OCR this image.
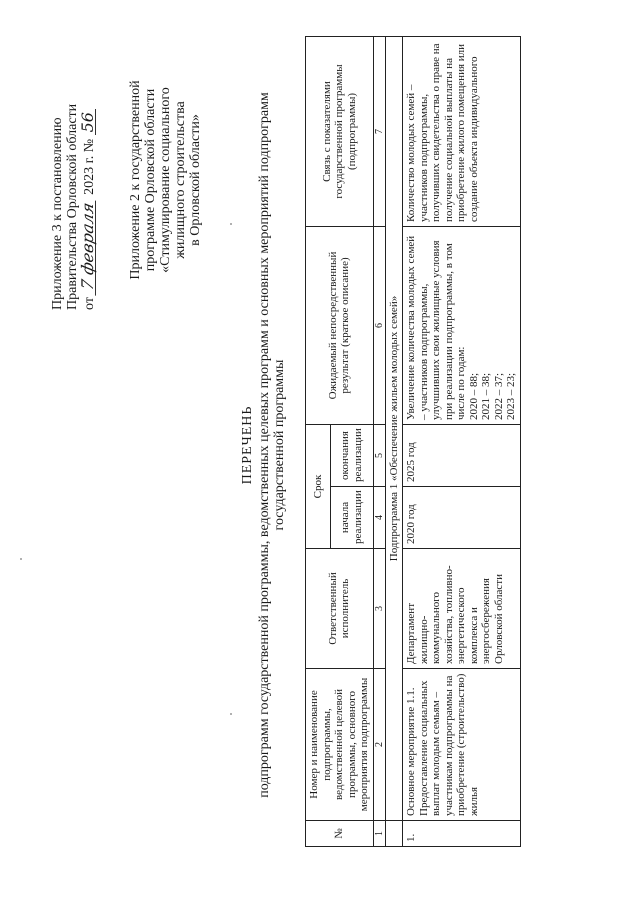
Приложение 3 к постановлению Правительства Орловской области от 7 февраля 2023 г. № 56 Приложение 2 к государственной программе Орловской области «Стимулирование социального жилищного строительства в Орловской области»
ПЕРЕЧЕНЬ подпрограмм государственной программы, ведомственных целевых программ и основных мероприятий подпрограмм государственной программы
№	Номер и наименование подпрограммы, ведомственной целевой программы, основного мероприятия подпрограммы	Ответственный исполнитель	Срок		Ожидаемый непосредственный результат (краткое описание)	Связь с показателями государственной программы (подпрограммы)
			начала реализации	окончания реализации		
1	2	3	4	5	6	7
	Подпрограмма 1 «Обеспечение жильем молодых семей»					
1.	Основное мероприятие 1.1. Предоставление социальных выплат молодым семьям – участникам подпрограммы на приобретение (строительство) жилья	Департамент жилищно-коммунального хозяйства, топливно-энергетического комплекса и энергосбережения Орловской области	2020 год	2025 год	Увеличение количества молодых семей – участников подпрограммы, улучшивших свои жилищные условия при реализации подпрограммы, в том числе по годам: 2020 – 88; 2021 – 38; 2022 – 37; 2023 – 23;	Количество молодых семей – участников подпрограммы, получивших свидетельства о праве на получение социальной выплаты на приобретение жилого помещения или создание объекта индивидуального
